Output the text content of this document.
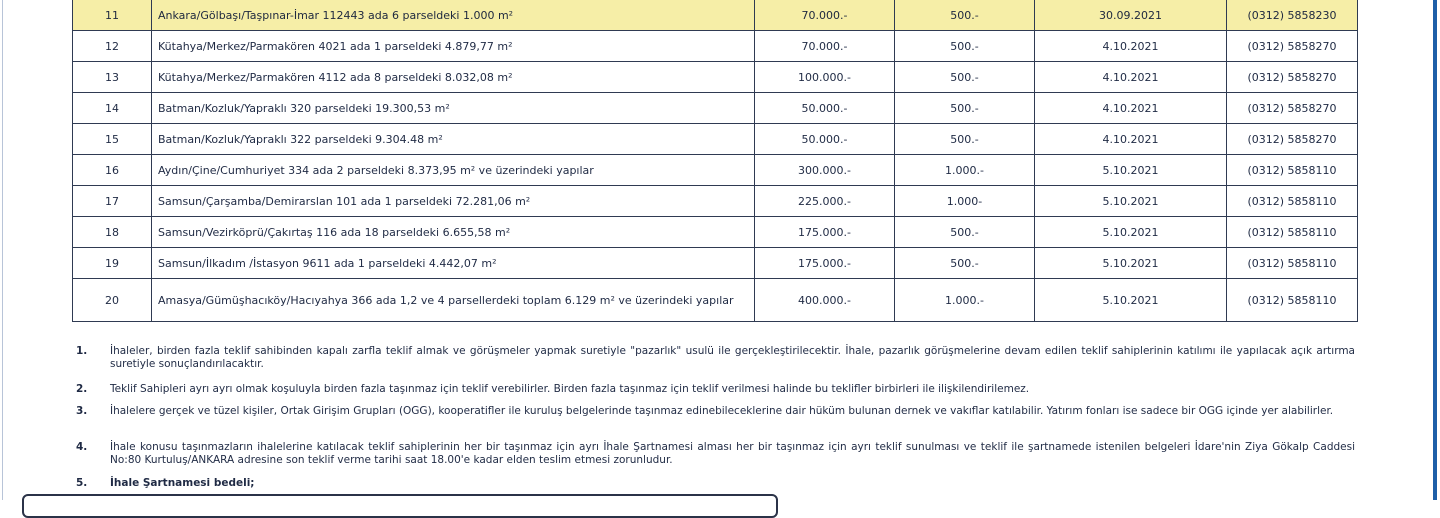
11	Ankara/Gölbaşı/Taşpınar-İmar 112443 ada 6 parseldeki 1.000 m²	70.000.-	500.-	30.09.2021	(0312) 5858230
12	Kütahya/Merkez/Parmakören 4021 ada 1 parseldeki 4.879,77 m²	70.000.-	500.-	4.10.2021	(0312) 5858270
13	Kütahya/Merkez/Parmakören 4112 ada 8 parseldeki 8.032,08 m²	100.000.-	500.-	4.10.2021	(0312) 5858270
14	Batman/Kozluk/Yapraklı 320 parseldeki 19.300,53 m²	50.000.-	500.-	4.10.2021	(0312) 5858270
15	Batman/Kozluk/Yapraklı 322 parseldeki 9.304.48 m²	50.000.-	500.-	4.10.2021	(0312) 5858270
16	Aydın/Çine/Cumhuriyet 334 ada 2 parseldeki 8.373,95 m² ve üzerindeki yapılar	300.000.-	1.000.-	5.10.2021	(0312) 5858110
17	Samsun/Çarşamba/Demirarslan 101 ada 1 parseldeki 72.281,06 m²	225.000.-	1.000-	5.10.2021	(0312) 5858110
18	Samsun/Vezirköprü/Çakırtaş 116 ada 18 parseldeki 6.655,58 m²	175.000.-	500.-	5.10.2021	(0312) 5858110
19	Samsun/İlkadım /İstasyon 9611 ada 1 parseldeki 4.442,07 m²	175.000.-	500.-	5.10.2021	(0312) 5858110
20	Amasya/Gümüşhacıköy/Hacıyahya 366 ada 1,2 ve 4 parsellerdeki toplam 6.129 m² ve üzerindeki yapılar	400.000.-	1.000.-	5.10.2021	(0312) 5858110
1. İhaleler, birden fazla teklif sahibinden kapalı zarfla teklif almak ve görüşmeler yapmak suretiyle "pazarlık" usulü ile gerçekleştirilecektir. İhale, pazarlık görüşmelerine devam edilen teklif sahiplerinin katılımı ile yapılacak açık artırma suretiyle sonuçlandırılacaktır.
2. Teklif Sahipleri ayrı ayrı olmak koşuluyla birden fazla taşınmaz için teklif verebilirler. Birden fazla taşınmaz için teklif verilmesi halinde bu teklifler birbirleri ile ilişkilendirilemez.
3. İhalelere gerçek ve tüzel kişiler, Ortak Girişim Grupları (OGG), kooperatifler ile kuruluş belgelerinde taşınmaz edinebileceklerine dair hüküm bulunan dernek ve vakıflar katılabilir. Yatırım fonları ise sadece bir OGG içinde yer alabilirler.
4. İhale konusu taşınmazların ihalelerine katılacak teklif sahiplerinin her bir taşınmaz için ayrı İhale Şartnamesi alması her bir taşınmaz için ayrı teklif sunulması ve teklif ile şartnamede istenilen belgeleri İdare'nin Ziya Gökalp Caddesi No:80 Kurtuluş/ANKARA adresine son teklif verme tarihi saat 18.00'e kadar elden teslim etmesi zorunludur.
5. İhale Şartnamesi bedeli;
